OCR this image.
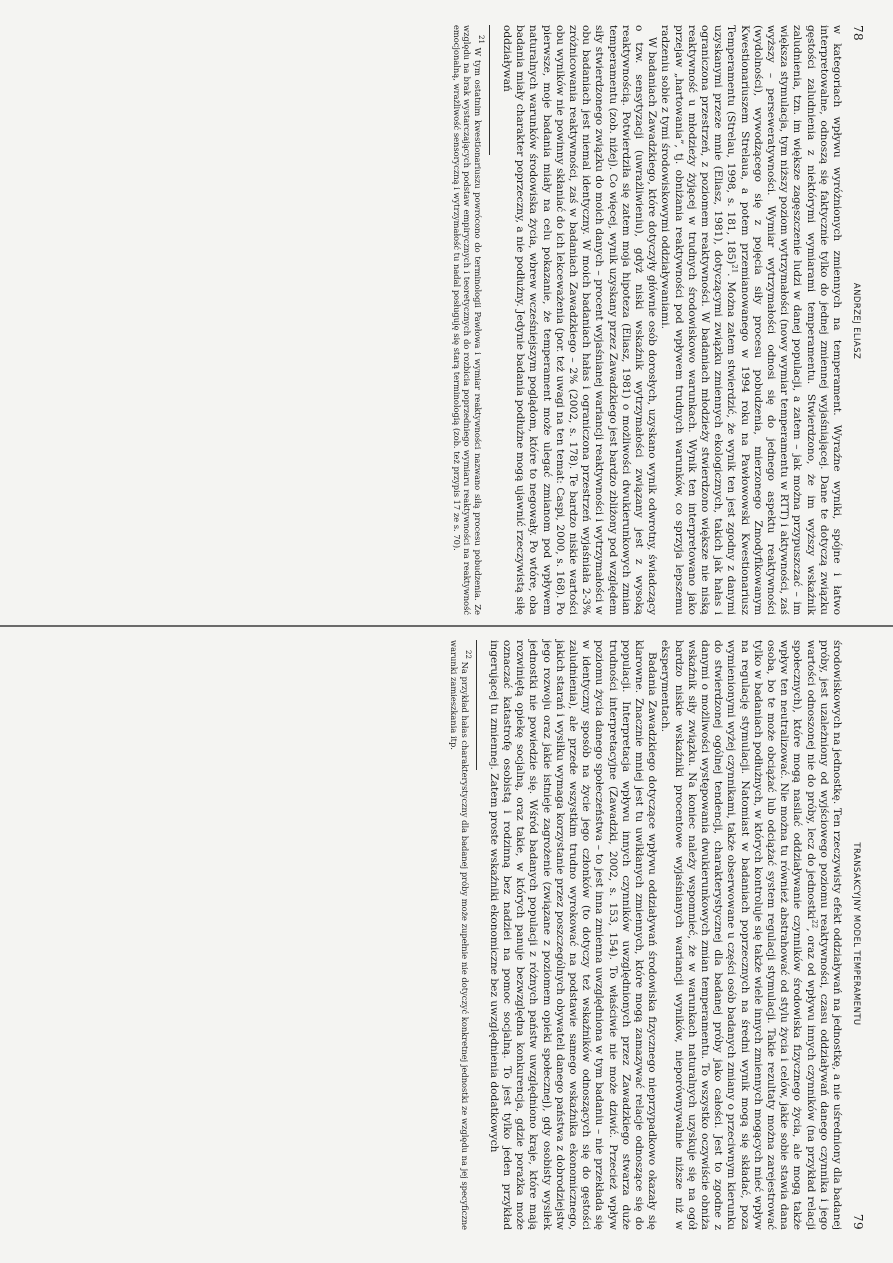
78
ANDRZEJ ELIASZ

w kategoriach wpływu wyróżnionych zmiennych na temperament. Wyraźne wyniki, spójne i łatwo interpretowalne, odnoszą się faktycznie tylko do jednej zmiennej wyjaśniającej. Dane te dotyczą związku gęstości zaludnienia z niektórymi wymiarami temperamentu. Stwierdzono, że im wyższy wskaźnik zaludnienia, tzn. im większe zagęszczenie ludzi w danej populacji, a zatem – jak można przypuszczać – im większa stymulacja, tym niższy poziom wytrzymałości (nowy wymiar temperamentu w RTT) i aktywności, zaś wyższy – perseweratywności. Wymiar wytrzymałości odnosi się do jednego aspektu reaktywności (wydolności), wywodzącego się z pojęcia siły procesu pobudzenia, mierzonego Zmodyfikowanym Kwestionariuszem Strelaua, a potem przemianowanego w 1994 roku na Pawłowowski Kwestionariusz Temperamentu (Strelau, 1998, s. 181, 185)$^{21}$. Można zatem stwierdzić, że wynik ten jest zgodny z danymi uzyskanymi przeze mnie (Eliasz, 1981), dotyczącymi związku zmiennych ekologicznych, takich jak hałas i ograniczona przestrzeń, z poziomem reaktywności. W badaniach młodzieży stwierdzono większe nie niską reaktywność u młodzieży żyjącej w trudnych środowiskowo warunkach. Wynik ten interpretowano jako przejaw „hartowania”, tj. obniżania reaktywności pod wpływem trudnych warunków, co sprzyja lepszemu radzeniu sobie z tymi środowiskowymi oddziaływaniami.

W badaniach Zawadzkiego, które dotyczyły głównie osób dorosłych, uzyskano wynik odwrotny, świadczący o tzw. sensytyzacji (uwrażliwieniu), gdyż niski wskaźnik wytrzymałości związany jest z wysoką reaktywnością. Potwierdziła się zatem moja hipoteza (Eliasz, 1981) o możliwości dwukierunkowych zmian temperamentu (zob. niżej). Co więcej, wynik uzyskany przez Zawadzkiego jest bardzo zbliżony pod względem siły stwierdzonego związku do moich danych – procent wyjaśnianej wariancji reaktywności i wytrzymałości w obu badaniach jest niemal identyczny. W moich badaniach hałas i ograniczona przestrzeń wyjaśniała 2-3% zróżnicowania reaktywności, zaś w badaniach Zawadzkiego – 2% (2002, s. 178). Te bardzo niskie wartości obu wyników nie powinny skłaniać do ich lekceważenia (por. też uwagi na ten temat: Caspi, 2000, s. 168). Po pierwsze, moje badania miały na celu pokazanie, że temperament może ulegać zmianom pod wpływem naturalnych warunków środowiska życia, wbrew wcześniejszym poglądom, które to negowały. Po wtóre, oba badania miały charakter poprzeczny, a nie podłużny. Jedynie badania podłużne mogą ujawnić rzeczywistą siłę oddziaływań

$^{21}$ W tym ostatnim kwestionariuszu powrócono do terminologii Pawłowa i wymiar reaktywności nazwano siłą procesu pobudzenia. Ze względu na brak wystarczających podstaw empirycznych i teoretycznych do rozbicia poprzedniego wymiaru reaktywności na reaktywność emocjonalną, wrażliwość sensoryczną i wytrzymałość tu nadal posługuję się starą terminologią (zob. też przypis 17 ze s. 70).

TRANSAKCYJNY MODEL TEMPERAMENTU
79

środowiskowych na jednostkę. Ten rzeczywisty efekt oddziaływań na jednostkę, a nie uśredniony dla badanej próby, jest uzależniony od wyjściowego poziomu reaktywności, czasu oddziaływań danego czynnika i jego wartości odnoszonej nie do próby, lecz do jednostki$^{22}$, oraz od wpływu innych czynników (na przykład relacji społecznych), które mogą nasilać oddziaływanie czynników środowiska fizycznego życia, ale mogą także wpływ ten neutralizować. Nie można tu również abstrahować od stylu życia i celów, jakie sobie stawia dana osoba, bo te może obciążać lub odciążać system regulacji stymulacji. Takie rezultaty można zarejestrować tylko w badaniach podłużnych, w których kontroluje się także wiele innych zmiennych mogących mieć wpływ na regulację stymulacji. Natomiast w badaniach poprzecznych na średni wynik mogą się składać, poza wymienionymi wyżej czynnikami, także obserwowane u części osób badanych zmiany o przeciwnym kierunku do stwierdzonej ogólnej tendencji, charakterystycznej dla badanej próby jako całości. Jest to zgodne z danymi o możliwości występowania dwukierunkowych zmian temperamentu. To wszystko oczywiście obniża wskaźnik siły związku. Na koniec należy wspomnieć, że w warunkach naturalnych uzyskuje się na ogół bardzo niskie wskaźniki procentowe wyjaśnianych wariancji wyników, nieporównywalnie niższe niż w eksperymentach.

Badania Zawadzkiego dotyczące wpływu oddziaływań środowiska fizycznego nieprzypadkowo okazały się klarowne. Znacznie mniej jest tu uwikłanych zmiennych, które mogą zamazywać relacje odnoszące się do populacji. Interpretacja wpływu innych czynników uwzględnionych przez Zawadzkiego stwarza duże trudności interpretacyjne (Zawadzki, 2002, s. 153, 154). To właściwie nie może dziwić. Przecież wpływ poziomu życia danego społeczeństwa – to jest inna zmienna uwzględniona w tym badaniu – nie przekłada się w identyczny sposób na życie jego członków (to dotyczy też wskaźników odnoszących się do gęstości zaludnienia), ale przede wszystkim trudno wyrokować na podstawie samego wskaźnika ekonomicznego, jakich starań i wysiłku wymaga korzystanie przez poszczególnych obywateli danego państwa z dobrodziejstw jego rozwoju oraz jakie istnieje zagrożenie (związane z poziomem opieki społecznej), gdy osobisty wysiłek jednostki nie powiedzie się. Wśród badanych populacji z różnych państw uwzględniono kraje, które mają rozwiniętą opiekę socjalną, oraz takie, w których panuje bezwzględna konkurencja, gdzie porażka może oznaczać katastrofę osobistą i rodzinną bez nadziei na pomoc socjalną. To jest tylko jeden przykład ingerującej tu zmiennej. Zatem proste wskaźniki ekonomiczne bez uwzględnienia dodatkowych

$^{22}$ Na przykład hałas charakterystyczny dla badanej próby może zupełnie nie dotyczyć konkretnej jednostki ze względu na jej specyficzne warunki zamieszkania itp.
